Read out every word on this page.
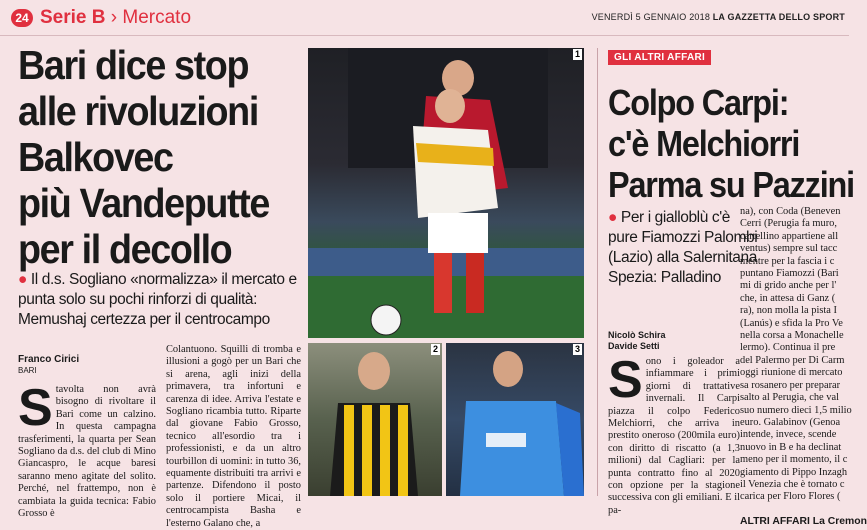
24 Serie B › Mercato	VENERDÌ 5 GENNAIO 2018 LA GAZZETTA DELLO SPORT
Bari dice stop
alle rivoluzioni
Balkovec
più Vandeputte
per il decollo
● Il d.s. Sogliano «normalizza» il mercato e punta solo su pochi rinforzi di qualità: Memushaj certezza per il centrocampo
Franco Cirici
BARI
S tavolta non avrà bisogno di rivoltare il Bari come un calzino. In questa campagna trasferimenti, la quarta per Sean Sogliano da d.s. del club di Mino Giancaspro, le acque baresi saranno meno agitate del solito. Perché, nel frattempo, non è cambiata la guida tecnica: Fabio Grosso è
Colantuono. Squilli di tromba e illusioni a gogò per un Bari che si arena, agli inizi della primavera, tra infortuni e carenza di idee. Arriva l'estate e Sogliano ricambia tutto. Riparte dal giovane Fabio Grosso, tecnico all'esordio tra i professionisti, e da un altro tourbillon di uomini: in tutto 36, equamente distribuiti tra arrivi e partenze. Difendono il posto solo il portiere Micai, il centrocampista Basha e l'esterno Galano che, a
1
2	3
GLI ALTRI AFFARI
Colpo Carpi:
c'è Melchiorri
Parma su Pazzini
● Per i gialloblù c'è pure Fiamozzi Palombi (Lazio) alla Salernitana Spezia: Palladino
Nicolò Schira
Davide Setti
S ono i goleador a infiammare i primi giorni di trattative invernali. Il Carpi piazza il colpo Federico Melchiorri, che arriva in prestito oneroso (200mila euro) con diritto di riscatto (a 1,3 milioni) dal Cagliari: per la punta contratto fino al 2020 con opzione per la stagione successiva con gli emiliani. E il pa-
na), con Coda (Beneven
Cerri (Perugia fa muro,
cartellino appartiene all
ventus) sempre sul tacc
mentre per la fascia i c
puntano Fiamozzi (Bari
mi di grido anche per l'
che, in attesa di Ganz (
ra), non molla la pista I
(Lanús) e sfida la Pro Ve
nella corsa a Monachelle
lermo). Continua il pre
del Palermo per Di Carm
oggi riunione di mercato
sa rosanero per preparar
salto al Perugia, che val
suo numero dieci 1,5 milio
euro. Galabinov (Genoa
intende, invece, scende
nuovo in B e ha declinat
meno per il momento, il c
giamento di Pippo Inzagh
il Venezia che è tornato c
carica per Floro Flores (

ALTRI AFFARI La Cremon
